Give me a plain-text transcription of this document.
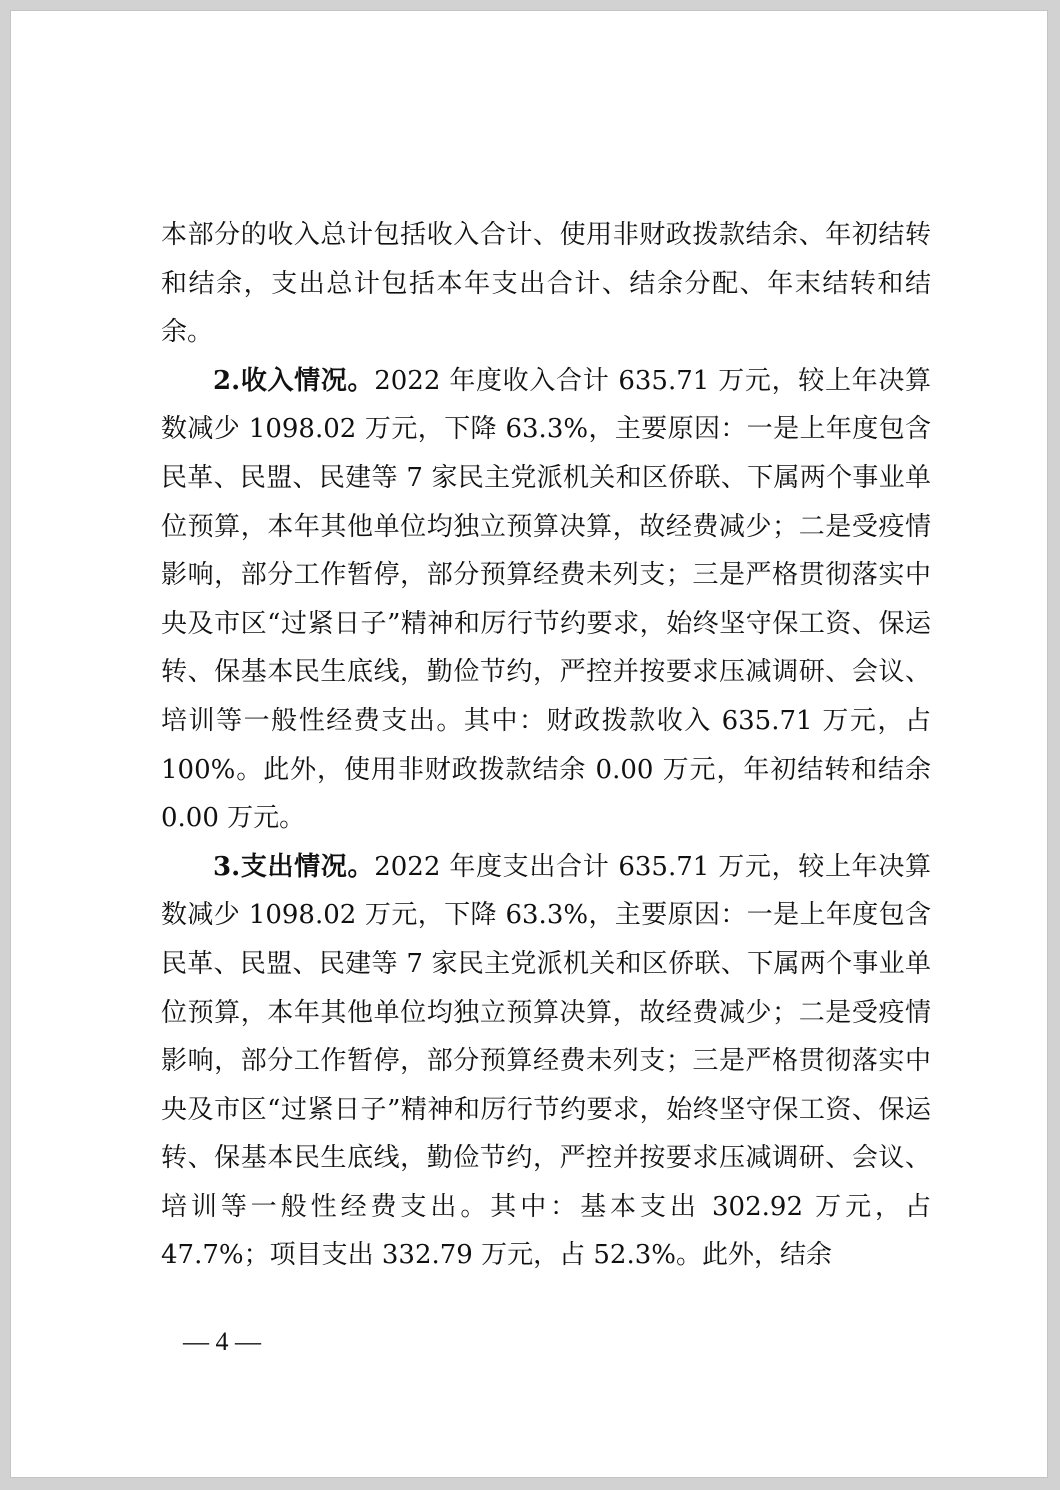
本部分的收入总计包括收入合计、使用非财政拨款结余、年初结转和结余，支出总计包括本年支出合计、结余分配、年末结转和结余。

2.收入情况。2022 年度收入合计 635.71 万元，较上年决算数减少 1098.02 万元，下降 63.3%，主要原因：一是上年度包含民革、民盟、民建等 7 家民主党派机关和区侨联、下属两个事业单位预算，本年其他单位均独立预算决算，故经费减少；二是受疫情影响，部分工作暂停，部分预算经费未列支；三是严格贯彻落实中央及市区“过紧日子”精神和厉行节约要求，始终坚守保工资、保运转、保基本民生底线，勤俭节约，严控并按要求压减调研、会议、培训等一般性经费支出。其中：财政拨款收入 635.71 万元，占 100%。此外，使用非财政拨款结余 0.00 万元，年初结转和结余 0.00 万元。

3.支出情况。2022 年度支出合计 635.71 万元，较上年决算数减少 1098.02 万元，下降 63.3%，主要原因：一是上年度包含民革、民盟、民建等 7 家民主党派机关和区侨联、下属两个事业单位预算，本年其他单位均独立预算决算，故经费减少；二是受疫情影响，部分工作暂停，部分预算经费未列支；三是严格贯彻落实中央及市区“过紧日子”精神和厉行节约要求，始终坚守保工资、保运转、保基本民生底线，勤俭节约，严控并按要求压减调研、会议、培训等一般性经费支出。其中：基本支出 302.92 万元，占 47.7%；项目支出 332.79 万元，占 52.3%。此外，结余

— 4 —
